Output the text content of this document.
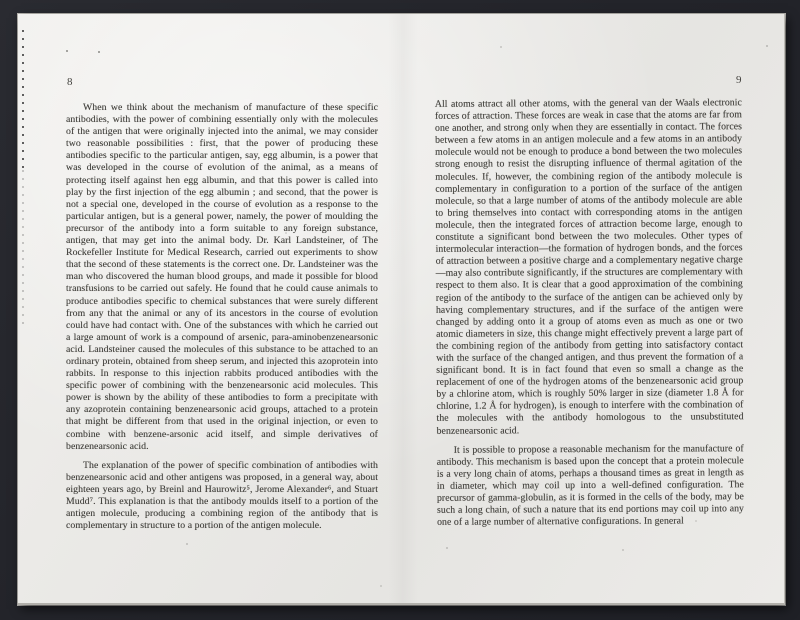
8	9

When we think about the mechanism of manufacture of these specific antibodies, with the power of combining essentially only with the molecules of the antigen that were originally injected into the animal, we may consider two reasonable possibilities : first, that the power of producing these antibodies specific to the particular antigen, say, egg albumin, is a power that was developed in the course of evolution of the animal, as a means of protecting itself against hen egg albumin, and that this power is called into play by the first injection of the egg albumin ; and second, that the power is not a special one, developed in the course of evolution as a response to the particular antigen, but is a general power, namely, the power of moulding the precursor of the antibody into a form suitable to any foreign substance, antigen, that may get into the animal body. Dr. Karl Landsteiner, of The Rockefeller Institute for Medical Research, carried out experiments to show that the second of these statements is the correct one. Dr. Landsteiner was the man who discovered the human blood groups, and made it possible for blood transfusions to be carried out safely. He found that he could cause animals to produce antibodies specific to chemical substances that were surely different from any that the animal or any of its ancestors in the course of evolution could have had contact with. One of the substances with which he carried out a large amount of work is a compound of arsenic, para-aminobenzenearsonic acid. Landsteiner caused the molecules of this substance to be attached to an ordinary protein, obtained from sheep serum, and injected this azoprotein into rabbits. In response to this injection rabbits produced antibodies with the specific power of combining with the benzenearsonic acid molecules. This power is shown by the ability of these antibodies to form a precipitate with any azoprotein containing benzenearsonic acid groups, attached to a protein that might be different from that used in the original injection, or even to combine with benzene-arsonic acid itself, and simple derivatives of benzenearsonic acid.

The explanation of the power of specific combination of antibodies with benzenearsonic acid and other antigens was proposed, in a general way, about eighteen years ago, by Breinl and Haurowitz⁵, Jerome Alexander⁶, and Stuart Mudd⁷. This explanation is that the antibody moulds itself to a portion of the antigen molecule, producing a combining region of the antibody that is complementary in structure to a portion of the antigen molecule.

All atoms attract all other atoms, with the general van der Waals electronic forces of attraction. These forces are weak in case that the atoms are far from one another, and strong only when they are essentially in contact. The forces between a few atoms in an antigen molecule and a few atoms in an antibody molecule would not be enough to produce a bond between the two molecules strong enough to resist the disrupting influence of thermal agitation of the molecules. If, however, the combining region of the antibody molecule is complementary in configuration to a portion of the surface of the antigen molecule, so that a large number of atoms of the antibody molecule are able to bring themselves into contact with corresponding atoms in the antigen molecule, then the integrated forces of attraction become large, enough to constitute a significant bond between the two molecules. Other types of intermolecular interaction—the formation of hydrogen bonds, and the forces of attraction between a positive charge and a complementary negative charge—may also contribute significantly, if the structures are complementary with respect to them also. It is clear that a good approximation of the combining region of the antibody to the surface of the antigen can be achieved only by having complementary structures, and if the surface of the antigen were changed by adding onto it a group of atoms even as much as one or two atomic diameters in size, this change might effectively prevent a large part of the combining region of the antibody from getting into satisfactory contact with the surface of the changed antigen, and thus prevent the formation of a significant bond. It is in fact found that even so small a change as the replacement of one of the hydrogen atoms of the benzenearsonic acid group by a chlorine atom, which is roughly 50% larger in size (diameter 1.8 Å for chlorine, 1.2 Å for hydrogen), is enough to interfere with the combination of the molecules with the antibody homologous to the unsubstituted benzenearsonic acid.

It is possible to propose a reasonable mechanism for the manufacture of antibody. This mechanism is based upon the concept that a protein molecule is a very long chain of atoms, perhaps a thousand times as great in length as in diameter, which may coil up into a well-defined configuration. The precursor of gamma-globulin, as it is formed in the cells of the body, may be such a long chain, of such a nature that its end portions may coil up into any one of a large number of alternative configurations. In general
